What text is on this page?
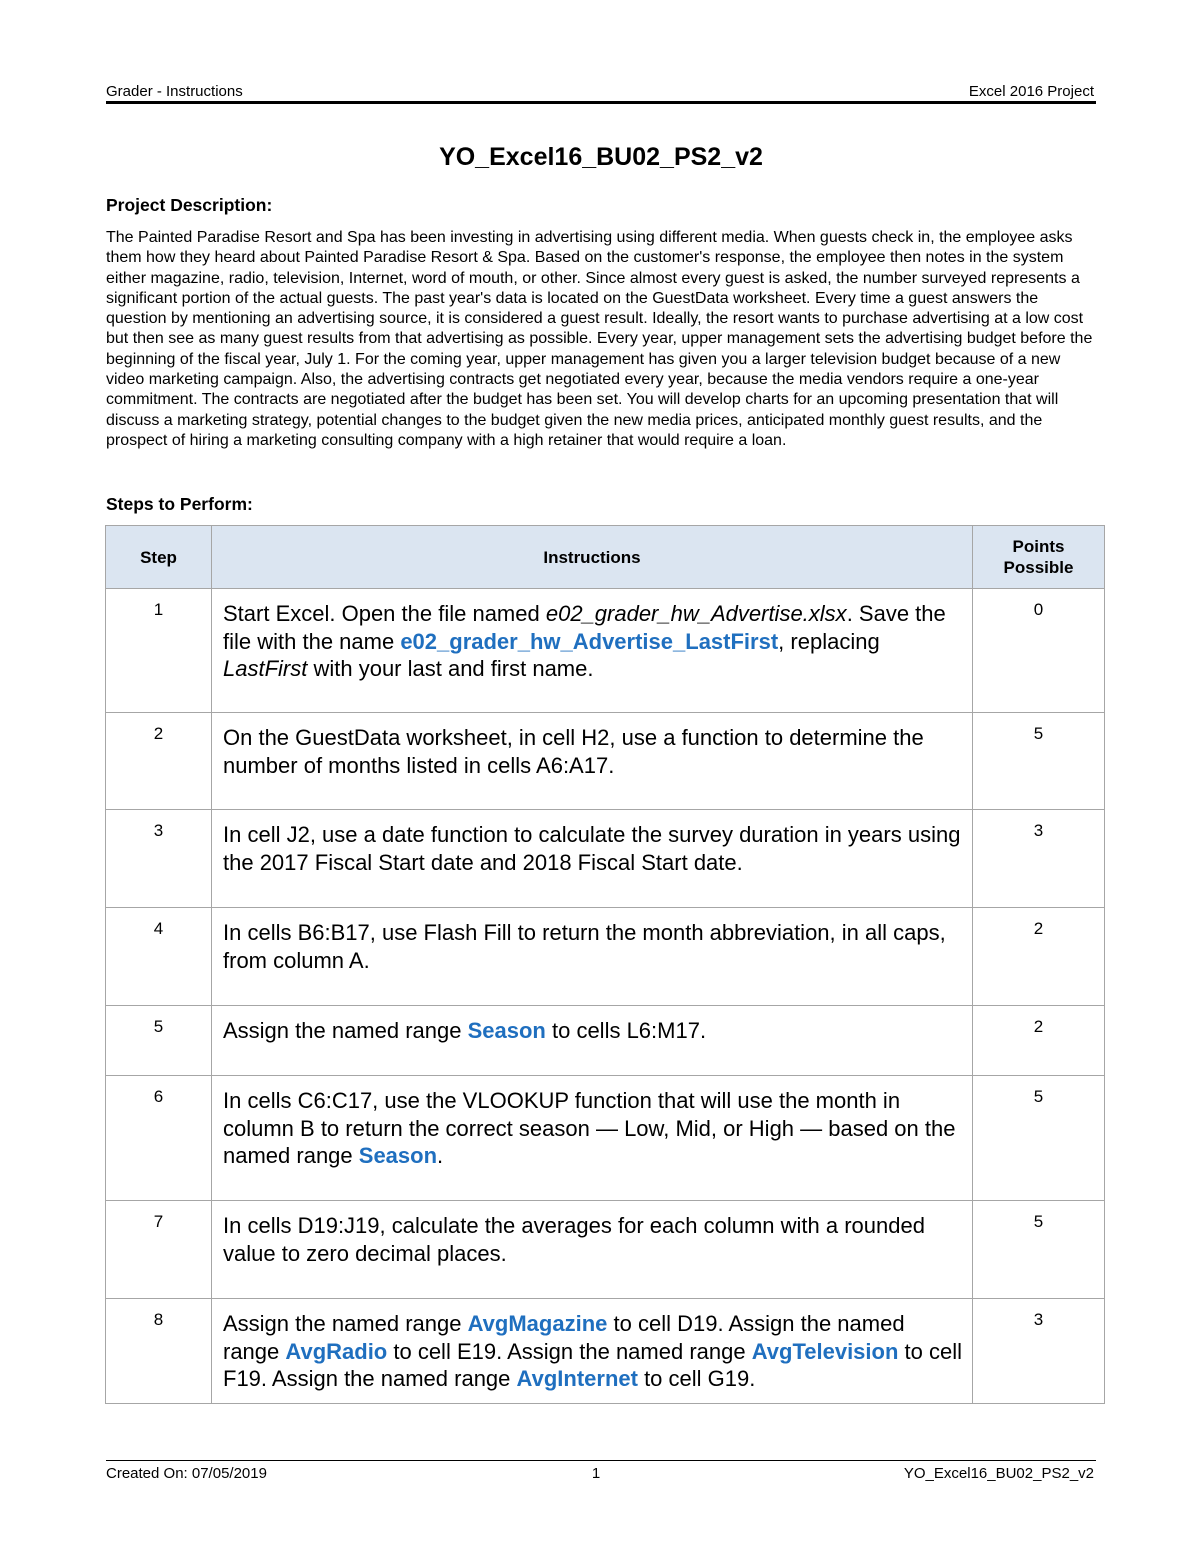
Grader - Instructions	Excel 2016 Project
YO_Excel16_BU02_PS2_v2
Project Description:
The Painted Paradise Resort and Spa has been investing in advertising using different media. When guests check in, the employee asks them how they heard about Painted Paradise Resort & Spa. Based on the customer's response, the employee then notes in the system either magazine, radio, television, Internet, word of mouth, or other. Since almost every guest is asked, the number surveyed represents a significant portion of the actual guests. The past year's data is located on the GuestData worksheet. Every time a guest answers the question by mentioning an advertising source, it is considered a guest result. Ideally, the resort wants to purchase advertising at a low cost but then see as many guest results from that advertising as possible. Every year, upper management sets the advertising budget before the beginning of the fiscal year, July 1. For the coming year, upper management has given you a larger television budget because of a new video marketing campaign. Also, the advertising contracts get negotiated every year, because the media vendors require a one-year commitment. The contracts are negotiated after the budget has been set. You will develop charts for an upcoming presentation that will discuss a marketing strategy, potential changes to the budget given the new media prices, anticipated monthly guest results, and the prospect of hiring a marketing consulting company with a high retainer that would require a loan.
Steps to Perform:
Step	Instructions	Points Possible
1	Start Excel. Open the file named e02_grader_hw_Advertise.xlsx. Save the file with the name e02_grader_hw_Advertise_LastFirst, replacing LastFirst with your last and first name.	0
2	On the GuestData worksheet, in cell H2, use a function to determine the number of months listed in cells A6:A17.	5
3	In cell J2, use a date function to calculate the survey duration in years using the 2017 Fiscal Start date and 2018 Fiscal Start date.	3
4	In cells B6:B17, use Flash Fill to return the month abbreviation, in all caps, from column A.	2
5	Assign the named range Season to cells L6:M17.	2
6	In cells C6:C17, use the VLOOKUP function that will use the month in column B to return the correct season — Low, Mid, or High — based on the named range Season.	5
7	In cells D19:J19, calculate the averages for each column with a rounded value to zero decimal places.	5
8	Assign the named range AvgMagazine to cell D19. Assign the named range AvgRadio to cell E19. Assign the named range AvgTelevision to cell F19. Assign the named range AvgInternet to cell G19.	3
Created On: 07/05/2019	1	YO_Excel16_BU02_PS2_v2
